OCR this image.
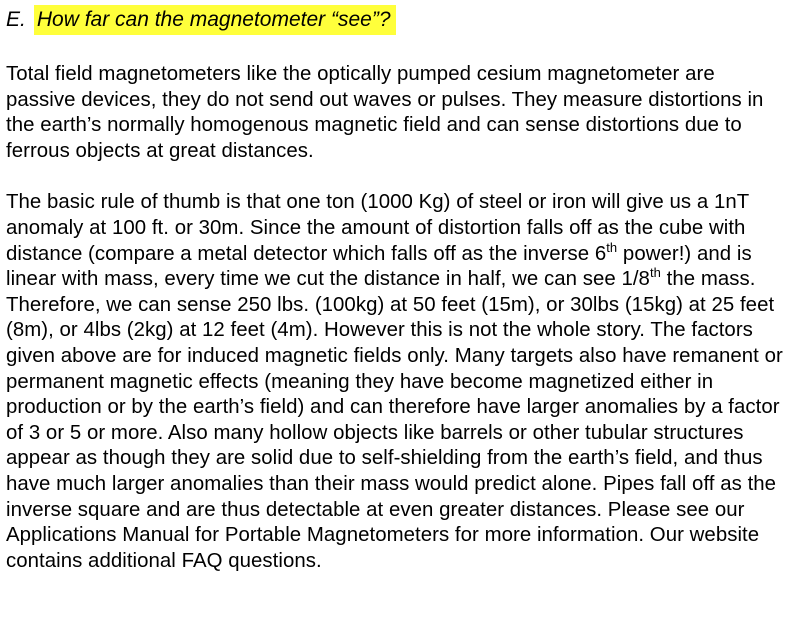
E. How far can the magnetometer “see”?

Total field magnetometers like the optically pumped cesium magnetometer are passive devices, they do not send out waves or pulses. They measure distortions in the earth’s normally homogenous magnetic field and can sense distortions due to ferrous objects at great distances.

The basic rule of thumb is that one ton (1000 Kg) of steel or iron will give us a 1nT anomaly at 100 ft. or 30m. Since the amount of distortion falls off as the cube with distance (compare a metal detector which falls off as the inverse 6th power!) and is linear with mass, every time we cut the distance in half, we can see 1/8th the mass. Therefore, we can sense 250 lbs. (100kg) at 50 feet (15m), or 30lbs (15kg) at 25 feet (8m), or 4lbs (2kg) at 12 feet (4m). However this is not the whole story. The factors given above are for induced magnetic fields only. Many targets also have remanent or permanent magnetic effects (meaning they have become magnetized either in production or by the earth’s field) and can therefore have larger anomalies by a factor of 3 or 5 or more. Also many hollow objects like barrels or other tubular structures appear as though they are solid due to self-shielding from the earth’s field, and thus have much larger anomalies than their mass would predict alone. Pipes fall off as the inverse square and are thus detectable at even greater distances. Please see our Applications Manual for Portable Magnetometers for more information. Our website contains additional FAQ questions.
